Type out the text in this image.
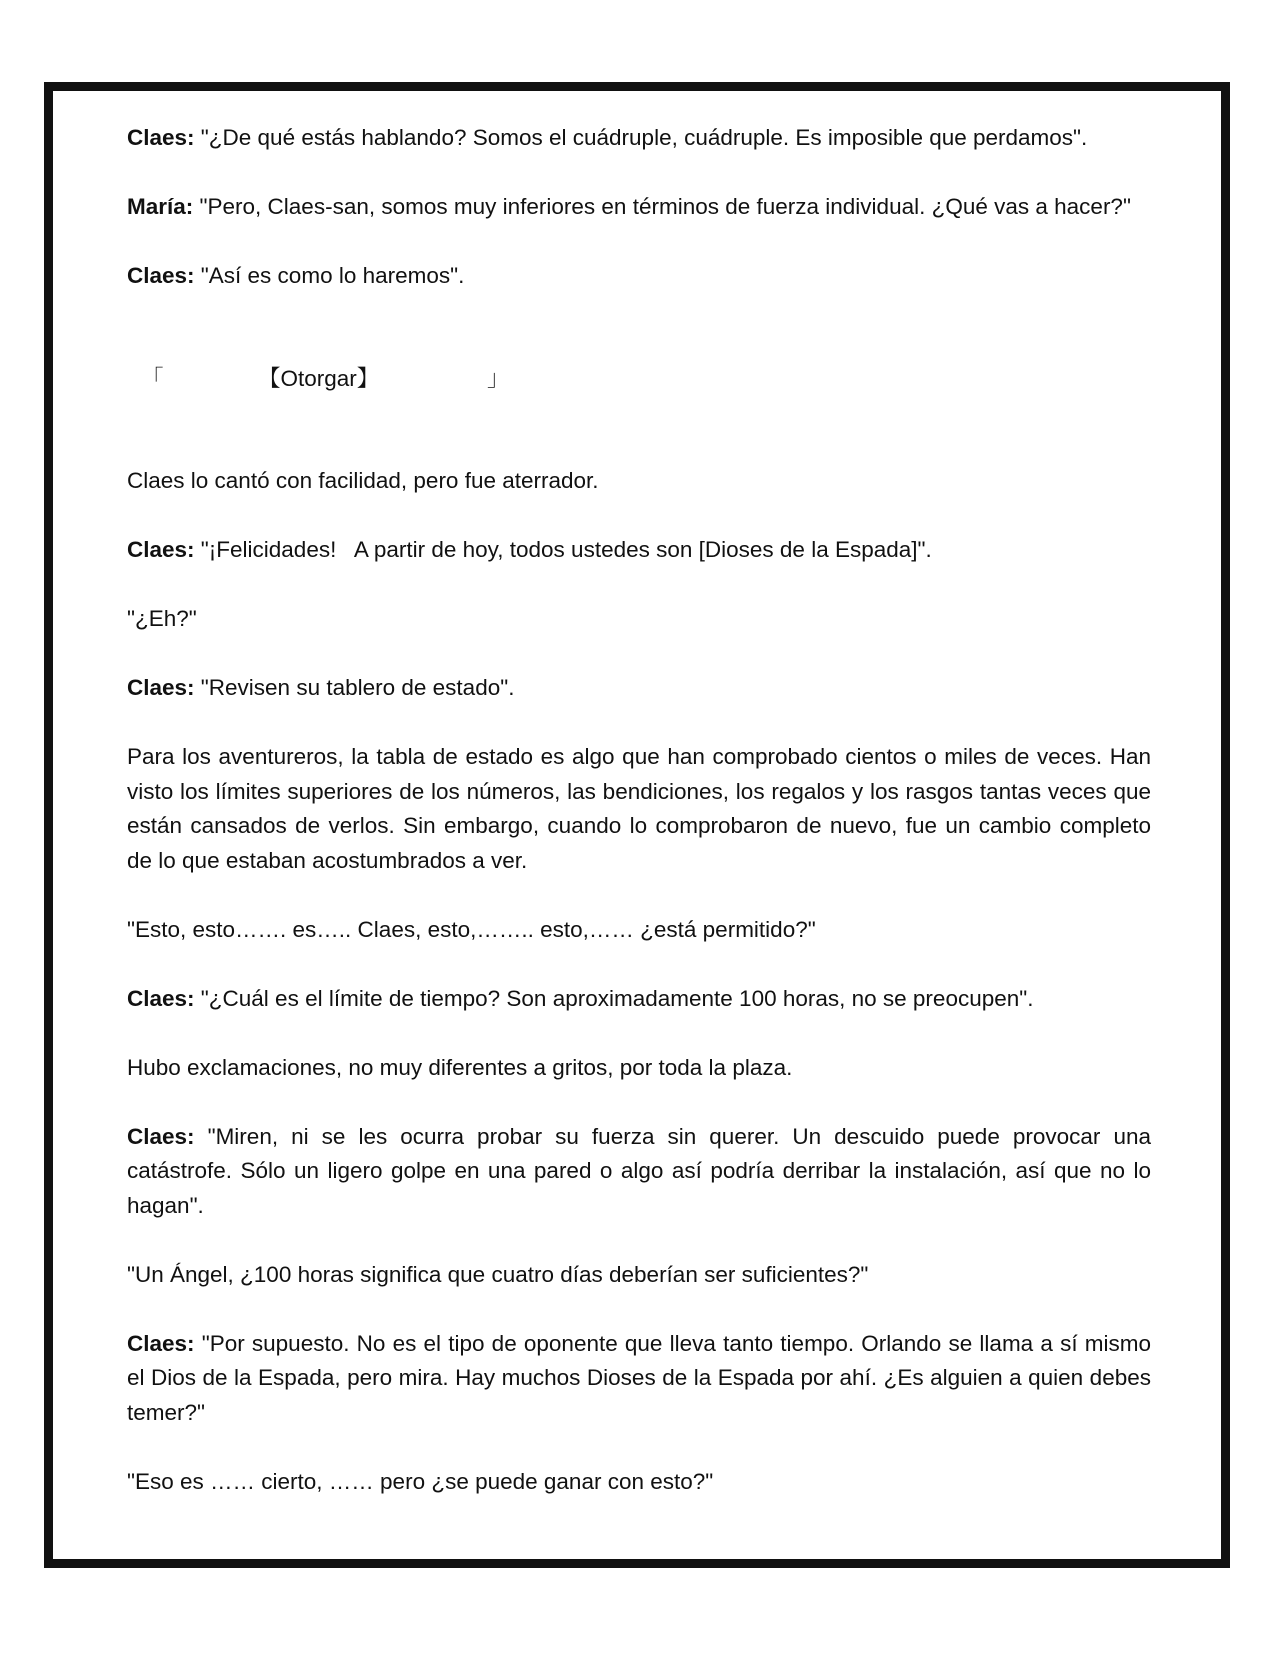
Claes: "¿De qué estás hablando? Somos el cuádruple, cuádruple. Es imposible que perdamos".

María: "Pero, Claes-san, somos muy inferiores en términos de fuerza individual. ¿Qué vas a hacer?"

Claes: "Así es como lo haremos".

「	【Otorgar】	」

Claes lo cantó con facilidad, pero fue aterrador.

Claes: "¡Felicidades!   A partir de hoy, todos ustedes son [Dioses de la Espada]".

"¿Eh?"

Claes: "Revisen su tablero de estado".

Para los aventureros, la tabla de estado es algo que han comprobado cientos o miles de veces. Han visto los límites superiores de los números, las bendiciones, los regalos y los rasgos tantas veces que están cansados de verlos. Sin embargo, cuando lo comprobaron de nuevo, fue un cambio completo de lo que estaban acostumbrados a ver.

"Esto, esto……. es….. Claes, esto,…….. esto,…… ¿está permitido?"

Claes: "¿Cuál es el límite de tiempo? Son aproximadamente 100 horas, no se preocupen".

Hubo exclamaciones, no muy diferentes a gritos, por toda la plaza.

Claes: "Miren, ni se les ocurra probar su fuerza sin querer. Un descuido puede provocar una catástrofe. Sólo un ligero golpe en una pared o algo así podría derribar la instalación, así que no lo hagan".

"Un Ángel, ¿100 horas significa que cuatro días deberían ser suficientes?"

Claes: "Por supuesto. No es el tipo de oponente que lleva tanto tiempo. Orlando se llama a sí mismo el Dios de la Espada, pero mira. Hay muchos Dioses de la Espada por ahí. ¿Es alguien a quien debes temer?"

"Eso es …… cierto, …… pero ¿se puede ganar con esto?"
